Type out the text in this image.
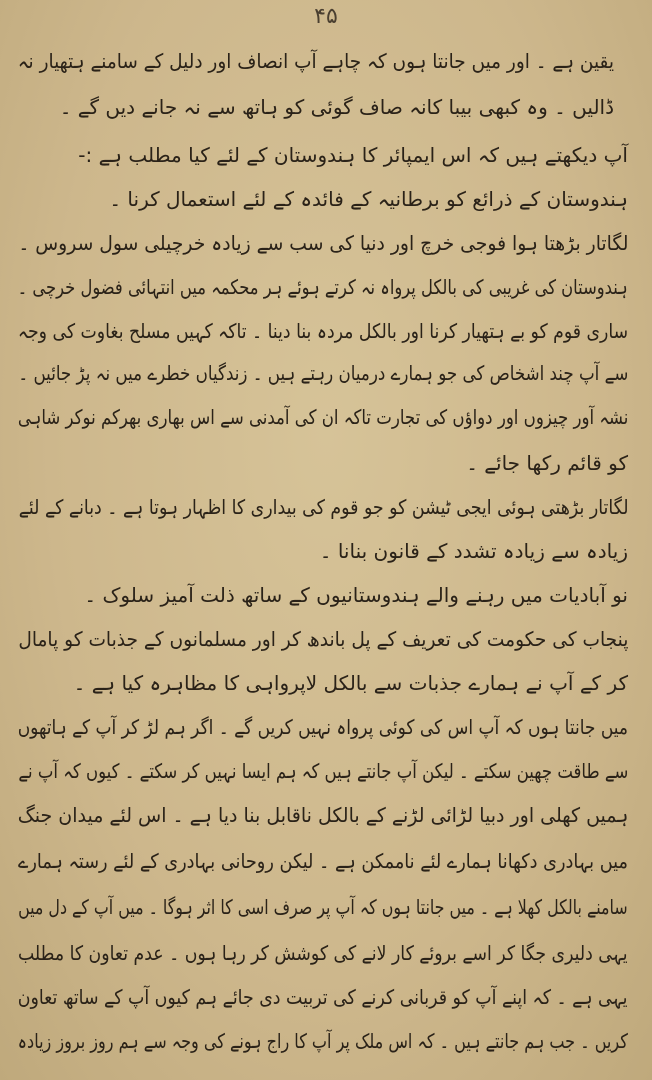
۴۵
یقین ہے ۔ اور میں جانتا ہوں کہ چاہے آپ انصاف اور دلیل کے سامنے ہتھیار نہ
ڈالیں ۔ وہ کبھی بیبا کانہ صاف گوئی کو ہاتھ سے نہ جانے دیں گے ۔
آپ دیکھتے ہیں کہ اس ایمپائر کا ہندوستان کے لئے کیا مطلب ہے :-
ہندوستان کے ذرائع کو برطانیہ کے فائدہ کے لئے استعمال کرنا ۔
لگاتار بڑھتا ہوا فوجی خرچ اور دنیا کی سب سے زیادہ خرچیلی سول سروس ۔
ہندوستان کی غریبی کی بالکل پرواہ نہ کرتے ہوئے ہر محکمہ میں انتہائی فضول خرچی ۔
ساری قوم کو بے ہتھیار کرنا اور بالکل مردہ بنا دینا ۔ تاکہ کہیں مسلح بغاوت کی وجہ
سے آپ چند اشخاص کی جو ہمارے درمیان رہتے ہیں ۔ زندگیاں خطرے میں نہ پڑ جائیں ۔
نشہ آور چیزوں اور دواؤں کی تجارت تاکہ ان کی آمدنی سے اس بھاری بھرکم نوکر شاہی
کو قائم رکھا جائے ۔
لگاتار بڑھتی ہوئی ایجی ٹیشن کو جو قوم کی بیداری کا اظہار ہوتا ہے ۔ دبانے کے لئے
زیادہ سے زیادہ تشدد کے قانون بنانا ۔
نو آبادیات میں رہنے والے ہندوستانیوں کے ساتھ ذلت آمیز سلوک ۔
پنجاب کی حکومت کی تعریف کے پل باندھ کر اور مسلمانوں کے جذبات کو پامال
کر کے آپ نے ہمارے جذبات سے بالکل لاپرواہی کا مظاہرہ کیا ہے ۔
میں جانتا ہوں کہ آپ اس کی کوئی پرواہ نہیں کریں گے ۔ اگر ہم لڑ کر آپ کے ہاتھوں
سے طاقت چھین سکتے ۔ لیکن آپ جانتے ہیں کہ ہم ایسا نہیں کر سکتے ۔ کیوں کہ آپ نے
ہمیں کھلی اور دبیا لڑائی لڑنے کے بالکل ناقابل بنا دیا ہے ۔ اس لئے میدان جنگ
میں بہادری دکھانا ہمارے لئے ناممکن ہے ۔ لیکن روحانی بہادری کے لئے رستہ ہمارے
سامنے بالکل کھلا ہے ۔ میں جانتا ہوں کہ آپ پر صرف اسی کا اثر ہوگا ۔ میں آپ کے دل میں
یہی دلیری جگا کر اسے بروئے کار لانے کی کوشش کر رہا ہوں ۔ عدم تعاون کا مطلب
یہی ہے ۔ کہ اپنے آپ کو قربانی کرنے کی تربیت دی جائے ہم کیوں آپ کے ساتھ تعاون
کریں ۔ جب ہم جانتے ہیں ۔ کہ اس ملک پر آپ کا راج ہونے کی وجہ سے ہم روز بروز زیادہ
